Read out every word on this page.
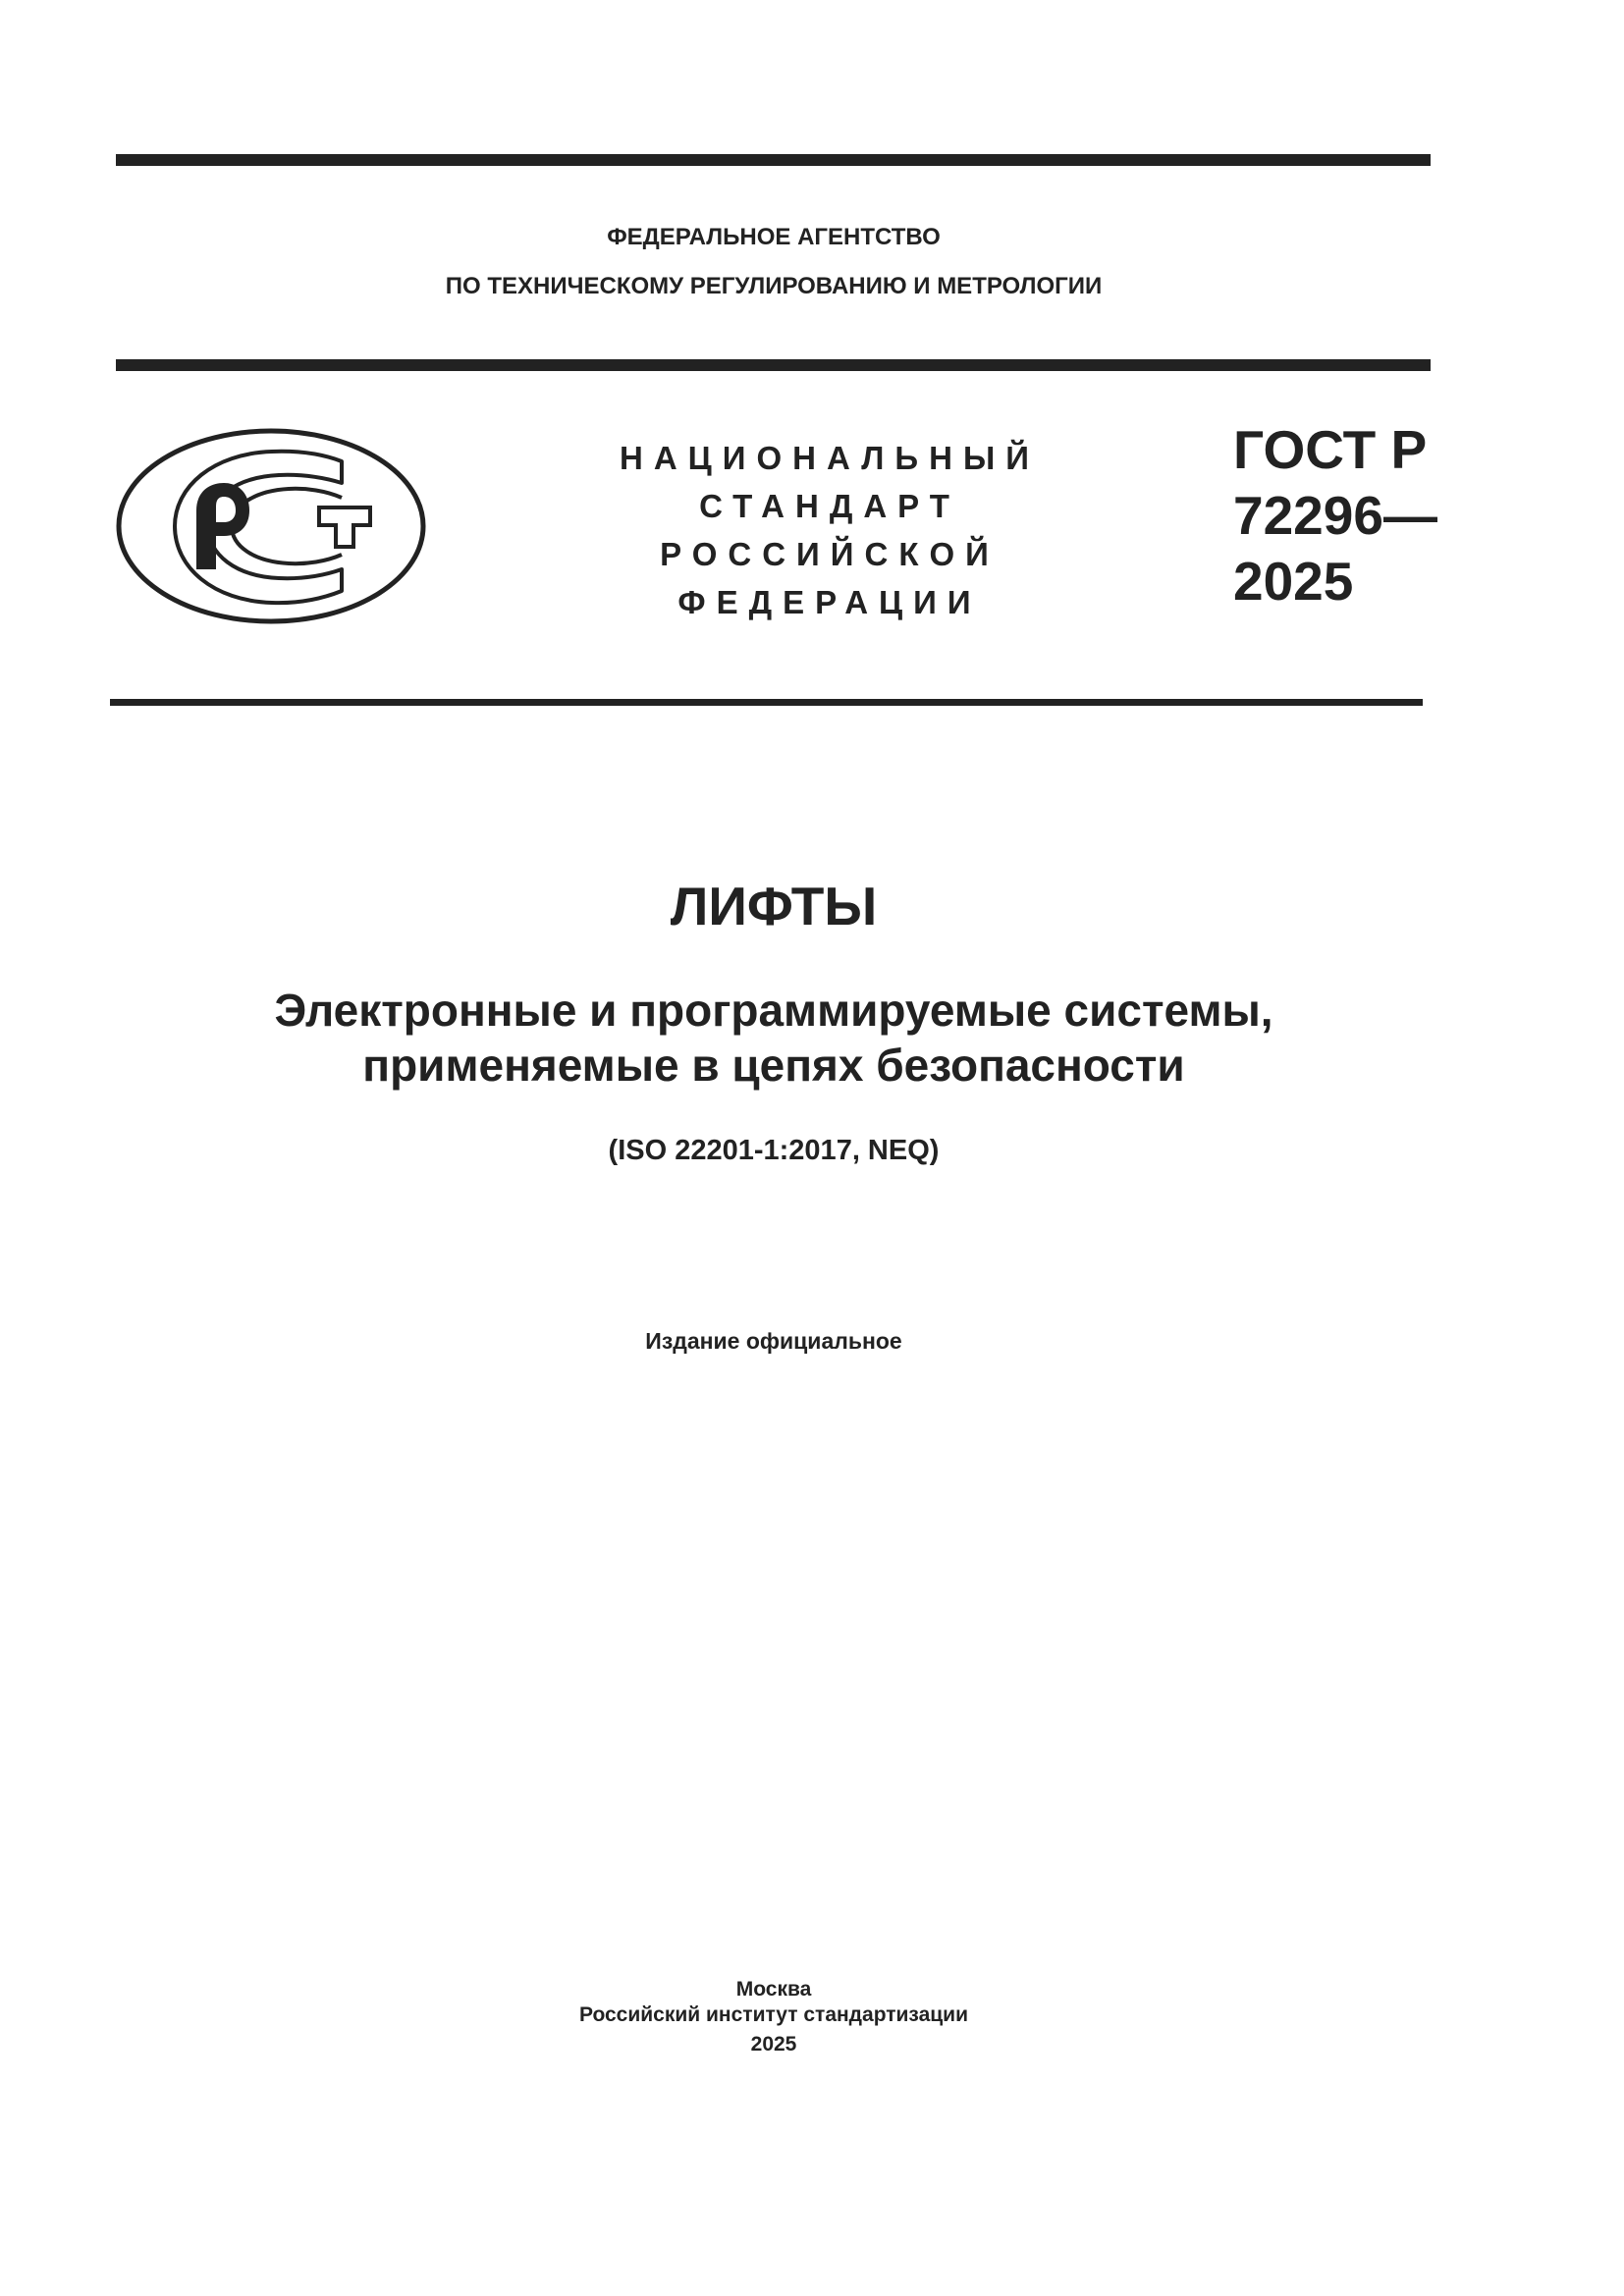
ФЕДЕРАЛЬНОЕ АГЕНТСТВО
ПО ТЕХНИЧЕСКОМУ РЕГУЛИРОВАНИЮ И МЕТРОЛОГИИ
НАЦИОНАЛЬНЫЙ
СТАНДАРТ
РОССИЙСКОЙ
ФЕДЕРАЦИИ
ГОСТ Р
72296—
2025
ЛИФТЫ
Электронные и программируемые системы,
применяемые в цепях безопасности
(ISO 22201-1:2017, NEQ)
Издание официальное
Москва
Российский институт стандартизации
2025
